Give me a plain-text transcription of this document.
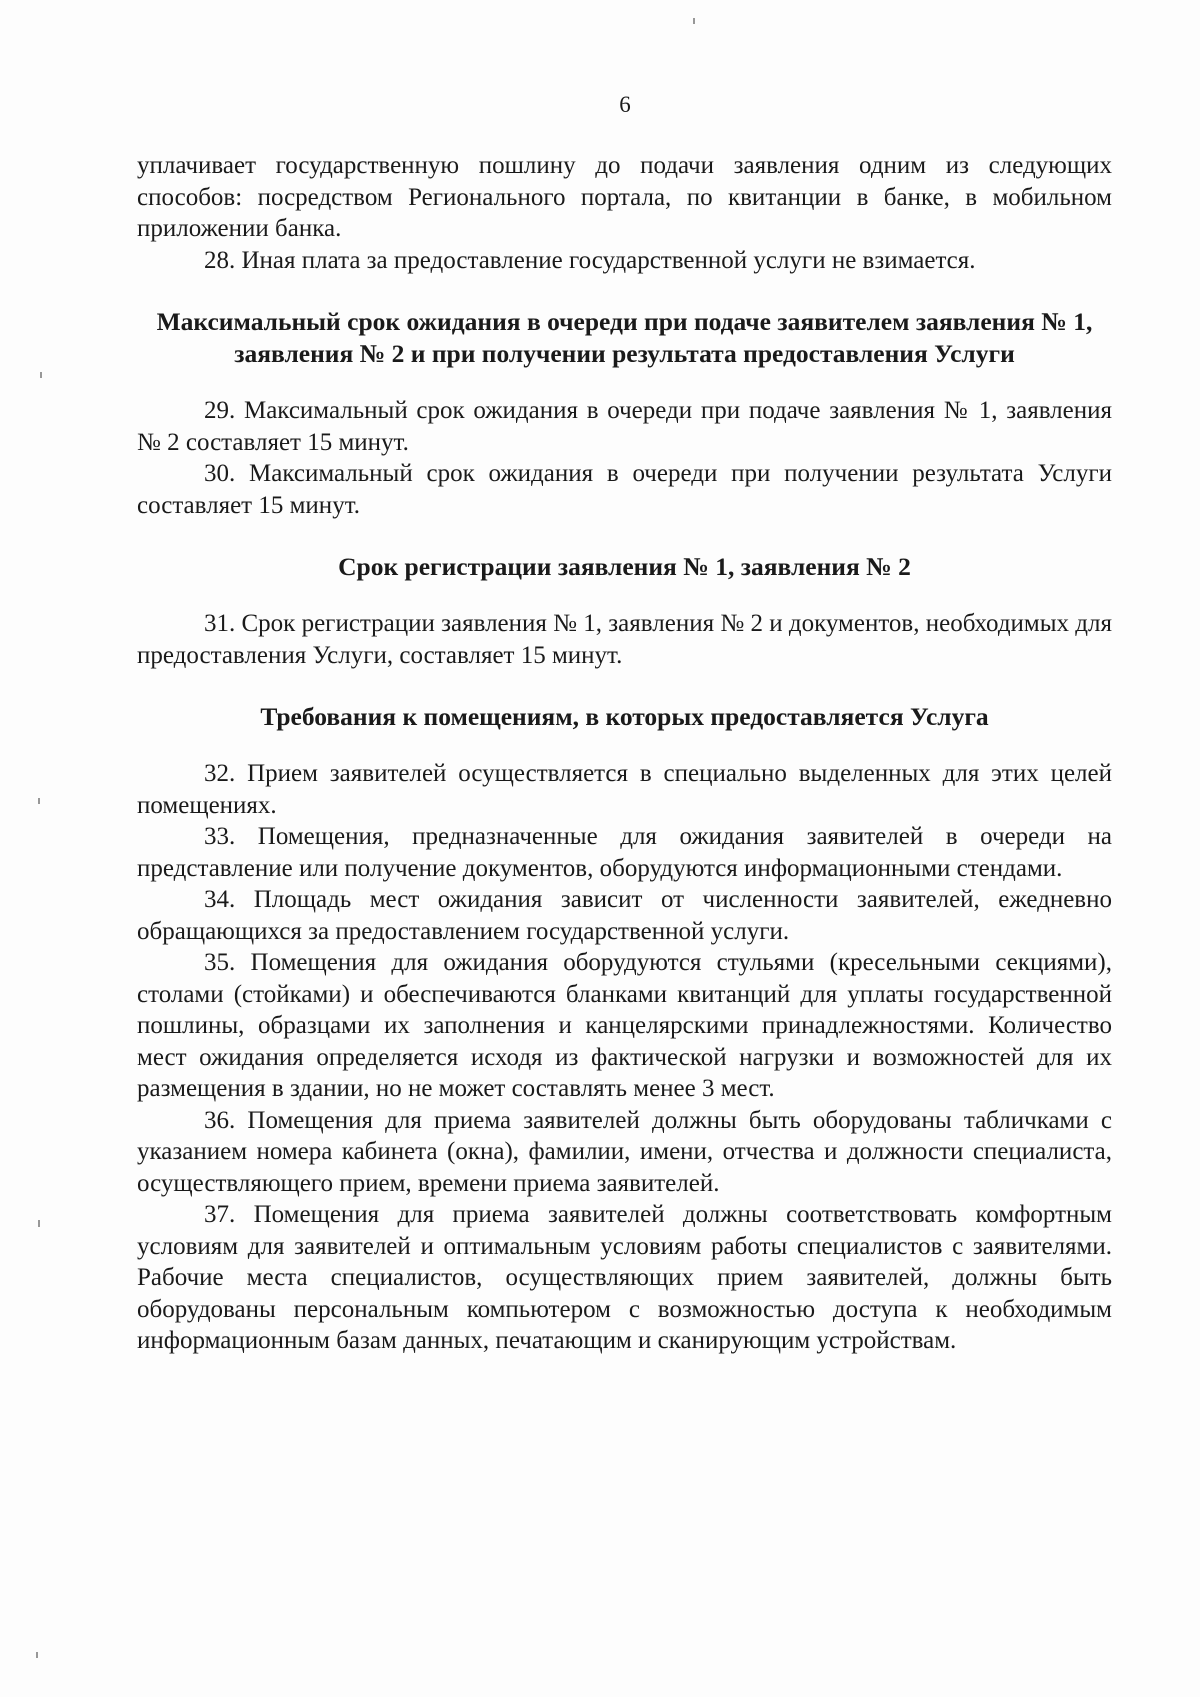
6

уплачивает государственную пошлину до подачи заявления одним из следующих способов: посредством Регионального портала, по квитанции в банке, в мобильном приложении банка.

28. Иная плата за предоставление государственной услуги не взимается.

Максимальный срок ожидания в очереди при подаче заявителем заявления № 1, заявления № 2 и при получении результата предоставления Услуги

29. Максимальный срок ожидания в очереди при подаче заявления № 1, заявления № 2 составляет 15 минут.

30. Максимальный срок ожидания в очереди при получении результата Услуги составляет 15 минут.

Срок регистрации заявления № 1, заявления № 2

31. Срок регистрации заявления № 1, заявления № 2 и документов, необходимых для предоставления Услуги, составляет 15 минут.

Требования к помещениям, в которых предоставляется Услуга

32. Прием заявителей осуществляется в специально выделенных для этих целей помещениях.

33. Помещения, предназначенные для ожидания заявителей в очереди на представление или получение документов, оборудуются информационными стендами.

34. Площадь мест ожидания зависит от численности заявителей, ежедневно обращающихся за предоставлением государственной услуги.

35. Помещения для ожидания оборудуются стульями (кресельными секциями), столами (стойками) и обеспечиваются бланками квитанций для уплаты государственной пошлины, образцами их заполнения и канцелярскими принадлежностями. Количество мест ожидания определяется исходя из фактической нагрузки и возможностей для их размещения в здании, но не может составлять менее 3 мест.

36. Помещения для приема заявителей должны быть оборудованы табличками с указанием номера кабинета (окна), фамилии, имени, отчества и должности специалиста, осуществляющего прием, времени приема заявителей.

37. Помещения для приема заявителей должны соответствовать комфортным условиям для заявителей и оптимальным условиям работы специалистов с заявителями. Рабочие места специалистов, осуществляющих прием заявителей, должны быть оборудованы персональным компьютером с возможностью доступа к необходимым информационным базам данных, печатающим и сканирующим устройствам.
